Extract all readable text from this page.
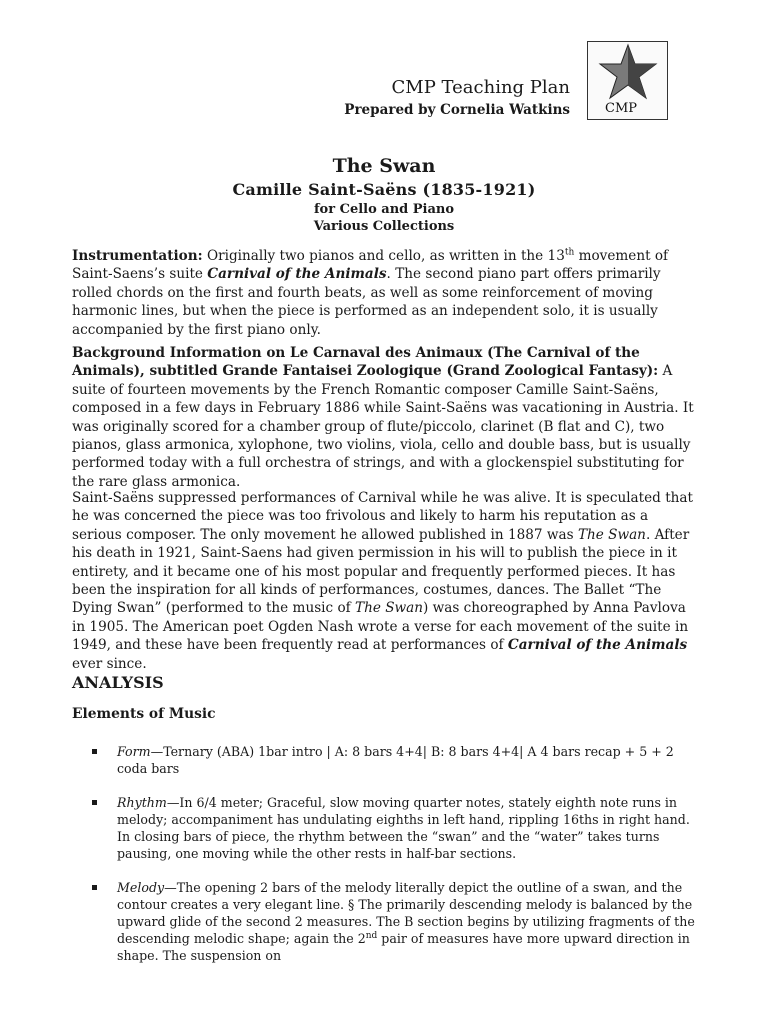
CMP

CMP Teaching Plan

Prepared by Cornelia Watkins

The Swan

Camille Saint-Saëns (1835-1921)

for Cello and Piano

Various Collections

Instrumentation: Originally two pianos and cello, as written in the 13th movement of Saint-Saens’s suite Carnival of the Animals. The second piano part offers primarily rolled chords on the first and fourth beats, as well as some reinforcement of moving harmonic lines, but when the piece is performed as an independent solo, it is usually accompanied by the first piano only.

Background Information on Le Carnaval des Animaux (The Carnival of the Animals), subtitled Grande Fantaisei Zoologique (Grand Zoological Fantasy): A suite of fourteen movements by the French Romantic composer Camille Saint-Saëns, composed in a few days in February 1886 while Saint-Saëns was vacationing in Austria. It was originally scored for a chamber group of flute/piccolo, clarinet (B flat and C), two pianos, glass armonica, xylophone, two violins, viola, cello and double bass, but is usually performed today with a full orchestra of strings, and with a glockenspiel substituting for the rare glass armonica.

Saint-Saëns suppressed performances of Carnival while he was alive. It is speculated that he was concerned the piece was too frivolous and likely to harm his reputation as a serious composer. The only movement he allowed published in 1887 was The Swan. After his death in 1921, Saint-Saens had given permission in his will to publish the piece in it entirety, and it became one of his most popular and frequently performed pieces. It has been the inspiration for all kinds of performances, costumes, dances. The Ballet “The Dying Swan” (performed to the music of The Swan) was choreographed by Anna Pavlova in 1905. The American poet Ogden Nash wrote a verse for each movement of the suite in 1949, and these have been frequently read at performances of Carnival of the Animals ever since.

ANALYSIS

Elements of Music

Form—Ternary (ABA) 1bar intro | A: 8 bars 4+4| B: 8 bars 4+4| A 4 bars recap + 5 + 2 coda bars
Rhythm—In 6/4 meter; Graceful, slow moving quarter notes, stately eighth note runs in melody; accompaniment has undulating eighths in left hand, rippling 16ths in right hand. In closing bars of piece, the rhythm between the “swan” and the “water” takes turns pausing, one moving while the other rests in half-bar sections.
Melody—The opening 2 bars of the melody literally depict the outline of a swan, and the contour creates a very elegant line. § The primarily descending melody is balanced by the upward glide of the second 2 measures. The B section begins by utilizing fragments of the descending melodic shape; again the 2nd pair of measures have more upward direction in shape. The suspension on
